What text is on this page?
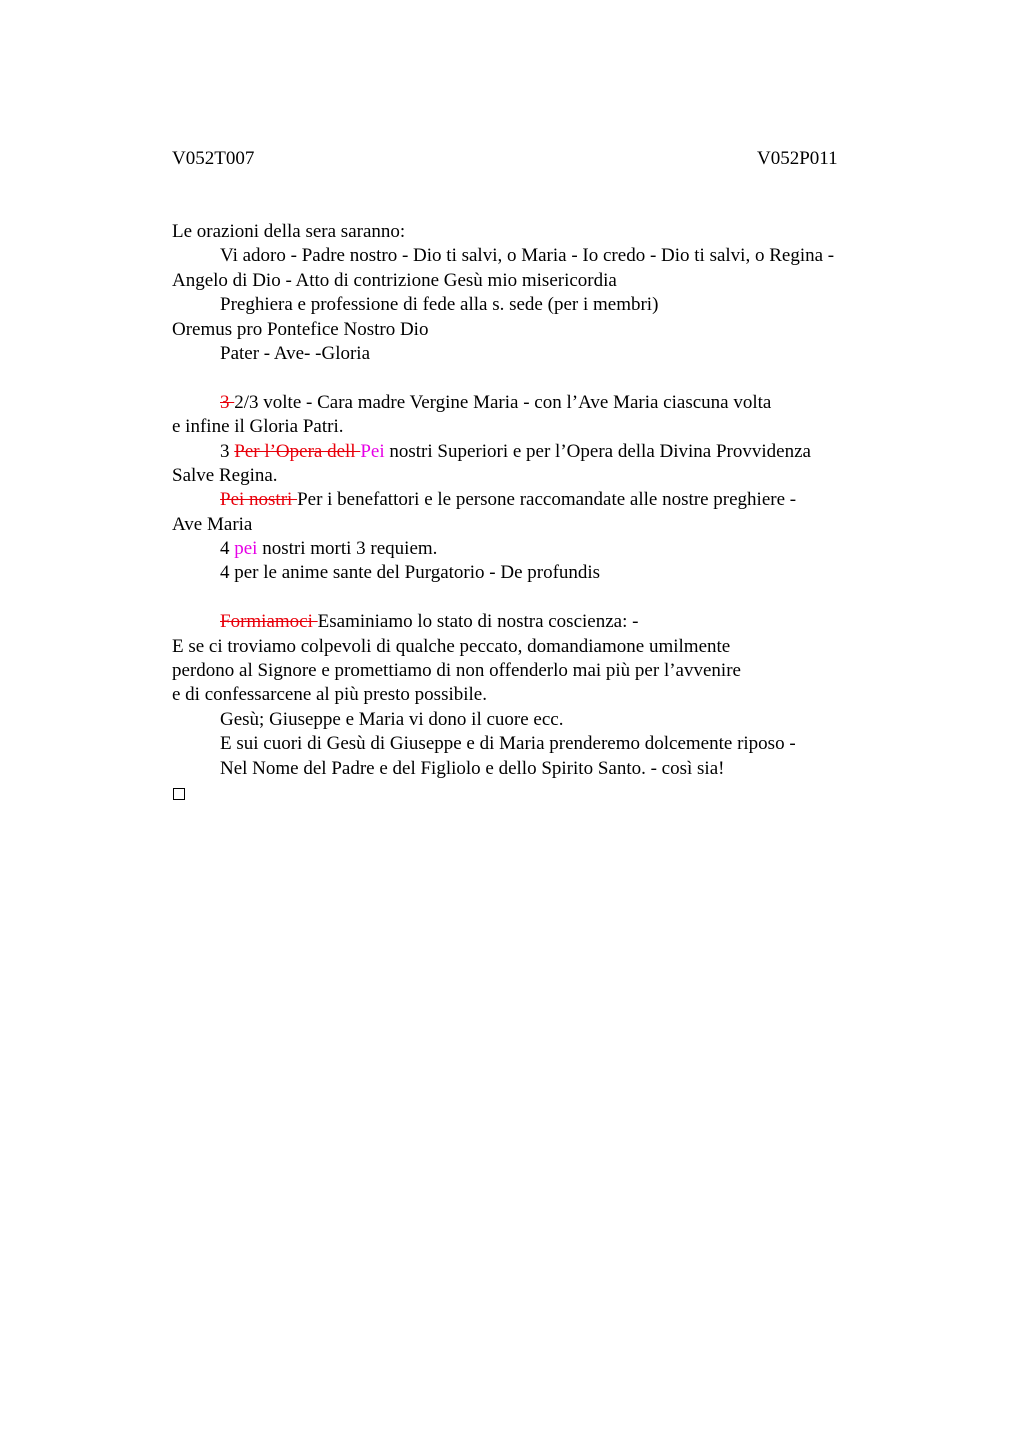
V052T007	V052P011
Le orazioni della sera saranno:
Vi adoro - Padre nostro - Dio ti salvi, o Maria - Io credo - Dio ti salvi, o Regina -
Angelo di Dio - Atto di contrizione Gesù mio misericordia
Preghiera e professione di fede alla s. sede (per i membri)
Oremus pro Pontefice Nostro Dio
Pater - Ave- -Gloria
3 2/3 volte - Cara madre Vergine Maria - con l’Ave Maria ciascuna volta
e infine il Gloria Patri.
3 Per l’Opera dell Pei nostri Superiori e per l’Opera della Divina Provvidenza
Salve Regina.
Pei nostri Per i benefattori e le persone raccomandate alle nostre preghiere -
Ave Maria
4 pei nostri morti 3 requiem.
4 per le anime sante del Purgatorio - De profundis
Formiamoci Esaminiamo lo stato di nostra coscienza: -
E se ci troviamo colpevoli di qualche peccato, domandiamone umilmente
perdono al Signore e promettiamo di non offenderlo mai più per l’avvenire
e di confessarcene al più presto possibile.
Gesù; Giuseppe e Maria vi dono il cuore ecc.
E sui cuori di Gesù di Giuseppe e di Maria prenderemo dolcemente riposo -
Nel Nome del Padre e del Figliolo e dello Spirito Santo. - così sia!
